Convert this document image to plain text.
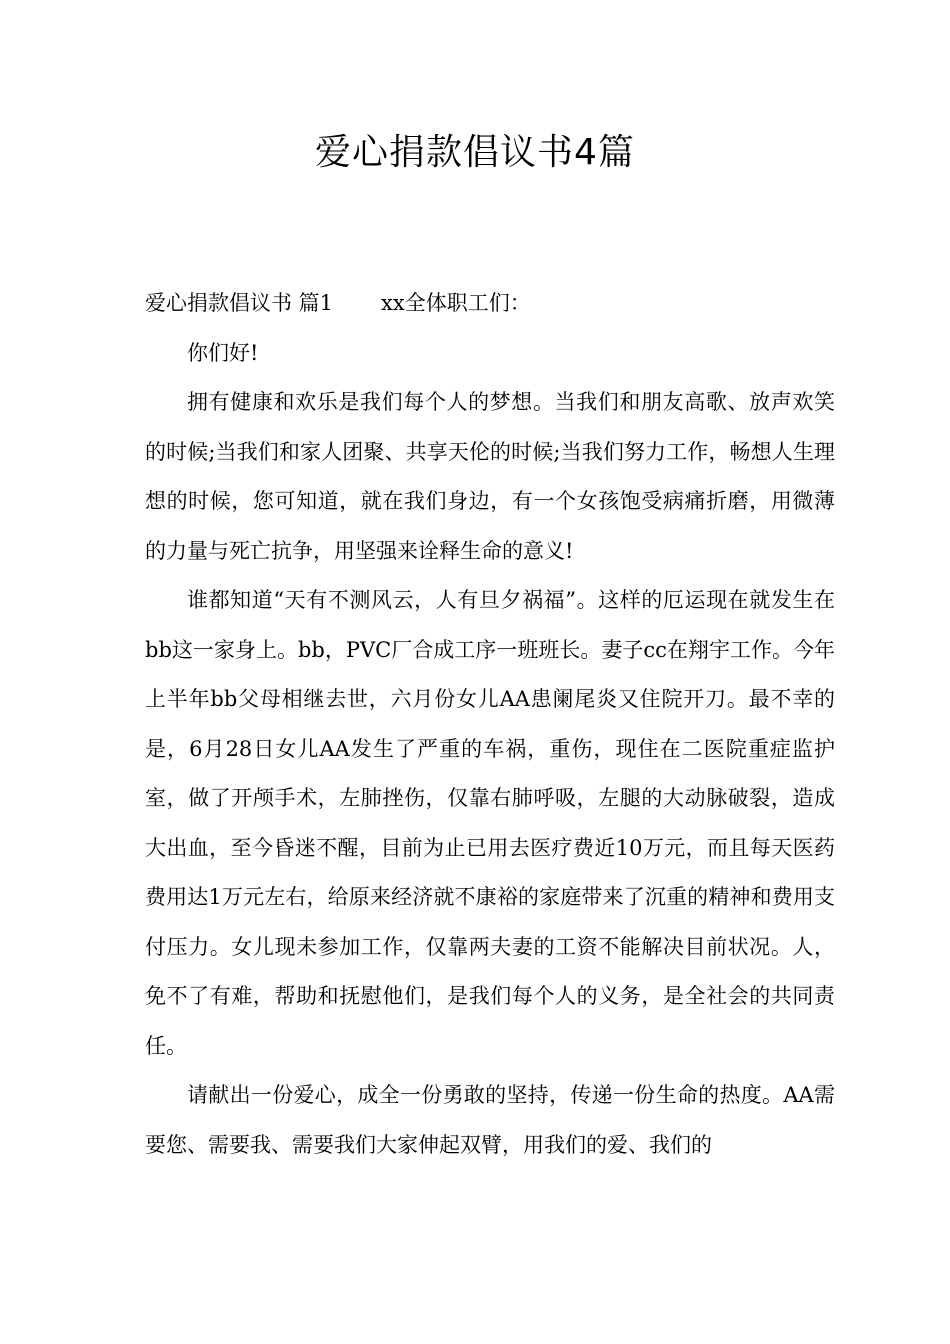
爱心捐款倡议书4篇

爱心捐款倡议书 篇1 xx全体职工们：

你们好!

拥有健康和欢乐是我们每个人的梦想。当我们和朋友高歌、放声欢笑的时候;当我们和家人团聚、共享天伦的时候;当我们努力工作，畅想人生理想的时候，您可知道，就在我们身边，有一个女孩饱受病痛折磨，用微薄的力量与死亡抗争，用坚强来诠释生命的意义!

谁都知道“天有不测风云，人有旦夕祸福”。这样的厄运现在就发生在bb这一家身上。bb，PVC厂合成工序一班班长。妻子cc在翔宇工作。今年上半年bb父母相继去世，六月份女儿AA患阑尾炎又住院开刀。最不幸的是，6月28日女儿AA发生了严重的车祸，重伤，现住在二医院重症监护室，做了开颅手术，左肺挫伤，仅靠右肺呼吸，左腿的大动脉破裂，造成大出血，至今昏迷不醒，目前为止已用去医疗费近10万元，而且每天医药费用达1万元左右，给原来经济就不康裕的家庭带来了沉重的精神和费用支付压力。女儿现未参加工作，仅靠两夫妻的工资不能解决目前状况。人，免不了有难，帮助和抚慰他们，是我们每个人的义务，是全社会的共同责任。

请献出一份爱心，成全一份勇敢的坚持，传递一份生命的热度。AA需要您、需要我、需要我们大家伸起双臂，用我们的爱、我们的
